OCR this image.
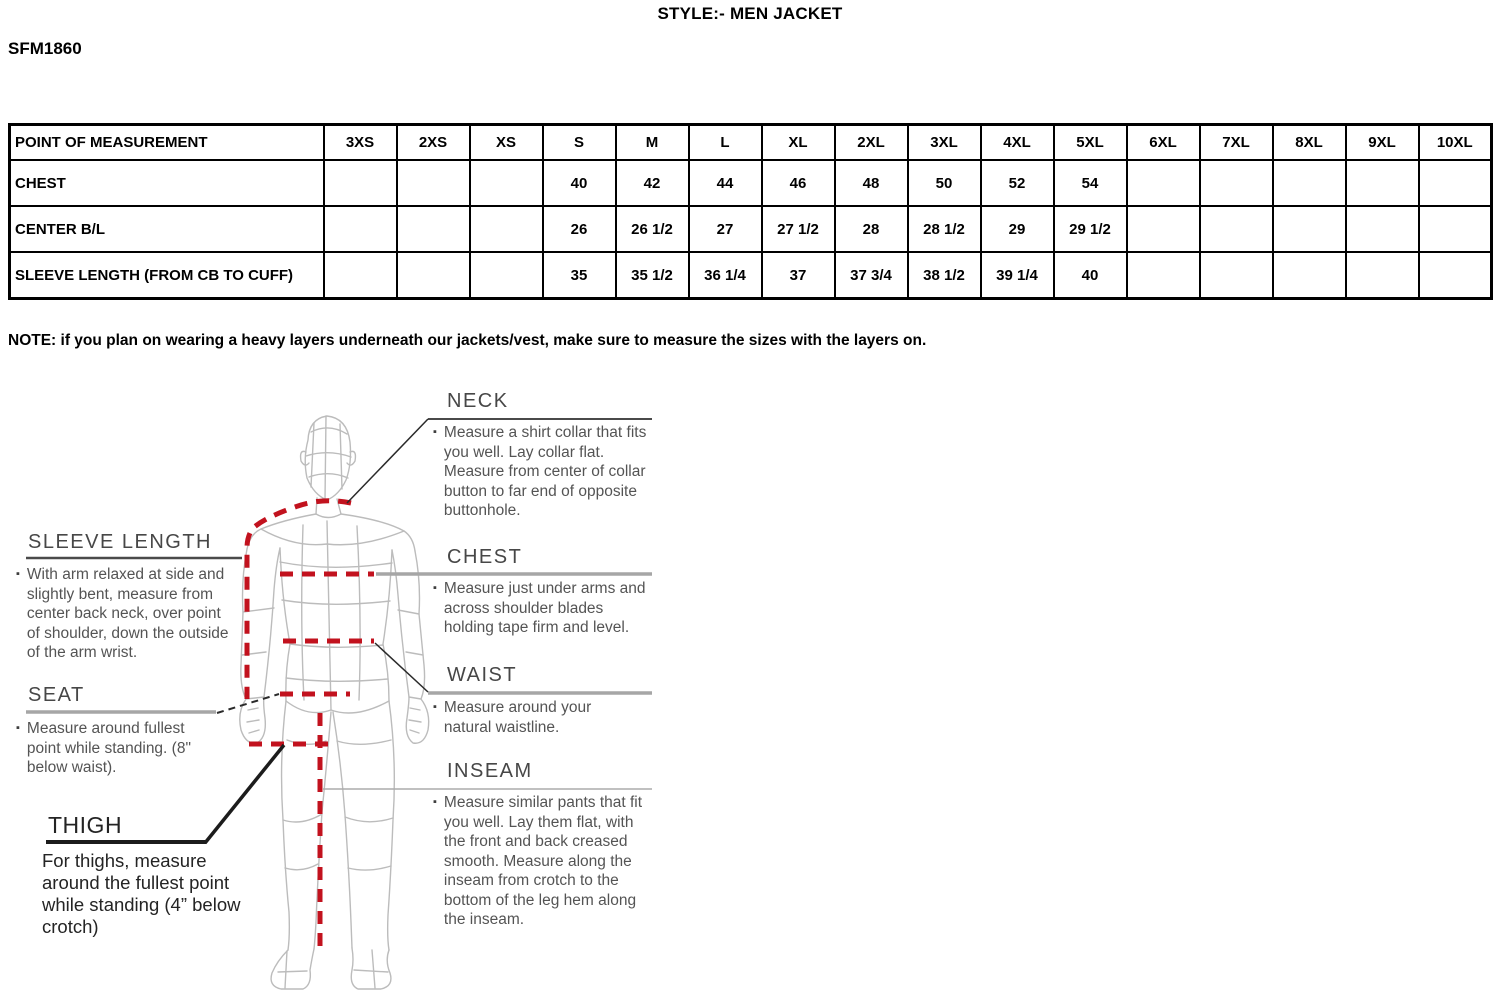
STYLE:- MEN JACKET
SFM1860
POINT OF MEASUREMENT	3XS	2XS	XS	S	M	L	XL	2XL	3XL	4XL	5XL	6XL	7XL	8XL	9XL	10XL
CHEST				40	42	44	46	48	50	52	54					
CENTER B/L				26	26 1/2	27	27 1/2	28	28 1/2	29	29 1/2					
SLEEVE LENGTH (FROM CB TO CUFF)				35	35 1/2	36 1/4	37	37 3/4	38 1/2	39 1/4	40					
NOTE: if you plan on wearing a heavy layers underneath our jackets/vest, make sure to measure the sizes with the layers on.
SLEEVE LENGTH
▪ With arm relaxed at side and slightly bent, measure from center back neck, over point of shoulder, down the outside of the arm wrist.
SEAT
▪ Measure around fullest point while standing. (8" below waist).
THIGH
For thighs, measure around the fullest point while standing (4” below crotch)
NECK
▪ Measure a shirt collar that fits you well. Lay collar flat. Measure from center of collar button to far end of opposite buttonhole.
CHEST
▪ Measure just under arms and across shoulder blades holding tape firm and level.
WAIST
▪ Measure around your natural waistline.
INSEAM
▪ Measure similar pants that fit you well. Lay them flat, with the front and back creased smooth. Measure along the inseam from crotch to the bottom of the leg hem along the inseam.
